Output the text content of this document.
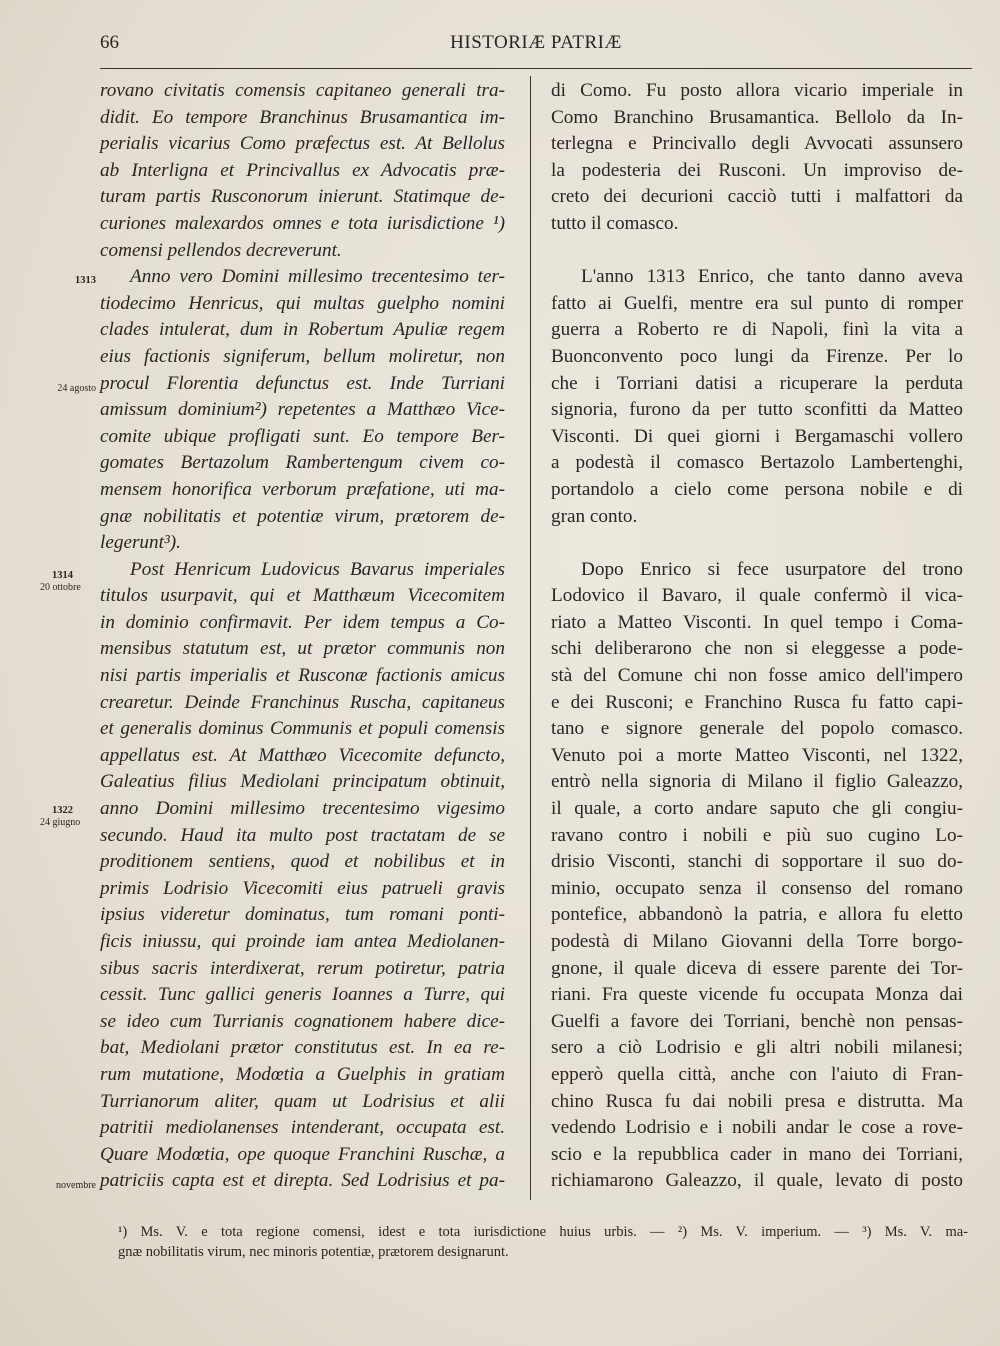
66	HISTORIÆ PATRIÆ
1313
24 agosto
1314
20 ottobre
1322
24 giugno
novembre
rovano civitatis comensis capitaneo generali tra-
didit. Eo tempore Branchinus Brusamantica im-
perialis vicarius Como præfectus est. At Bellolus
ab Interligna et Princivallus ex Advocatis præ-
turam partis Rusconorum inierunt. Statimque de-
curiones malexardos omnes e tota iurisdictione ¹)
comensi pellendos decreverunt.
Anno vero Domini millesimo trecentesimo ter-
tiodecimo Henricus, qui multas guelpho nomini
clades intulerat, dum in Robertum Apuliæ regem
eius factionis signiferum, bellum moliretur, non
procul Florentia defunctus est. Inde Turriani
amissum dominium²) repetentes a Matthæo Vice-
comite ubique profligati sunt. Eo tempore Ber-
gomates Bertazolum Rambertengum civem co-
mensem honorifica verborum præfatione, uti ma-
gnæ nobilitatis et potentiæ virum, prætorem de-
legerunt³).
Post Henricum Ludovicus Bavarus imperiales
titulos usurpavit, qui et Matthæum Vicecomitem
in dominio confirmavit. Per idem tempus a Co-
mensibus statutum est, ut prætor communis non
nisi partis imperialis et Rusconæ factionis amicus
crearetur. Deinde Franchinus Ruscha, capitaneus
et generalis dominus Communis et populi comensis
appellatus est. At Matthæo Vicecomite defuncto,
Galeatius filius Mediolani principatum obtinuit,
anno Domini millesimo trecentesimo vigesimo
secundo. Haud ita multo post tractatam de se
proditionem sentiens, quod et nobilibus et in
primis Lodrisio Vicecomiti eius patrueli gravis
ipsius videretur dominatus, tum romani ponti-
ficis iniussu, qui proinde iam antea Mediolanen-
sibus sacris interdixerat, rerum potiretur, patria
cessit. Tunc gallici generis Ioannes a Turre, qui
se ideo cum Turrianis cognationem habere dice-
bat, Mediolani prætor constitutus est. In ea re-
rum mutatione, Modœtia a Guelphis in gratiam
Turrianorum aliter, quam ut Lodrisius et alii
patritii mediolanenses intenderant, occupata est.
Quare Modœtia, ope quoque Franchini Ruschæ, a
patriciis capta est et direpta. Sed Lodrisius et pa-
di Como. Fu posto allora vicario imperiale in
Como Branchino Brusamantica. Bellolo da In-
terlegna e Princivallo degli Avvocati assunsero
la podesteria dei Rusconi. Un improviso de-
creto dei decurioni cacciò tutti i malfattori da
tutto il comasco.
L'anno 1313 Enrico, che tanto danno aveva
fatto ai Guelfi, mentre era sul punto di romper
guerra a Roberto re di Napoli, finì la vita a
Buonconvento poco lungi da Firenze. Per lo
che i Torriani datisi a ricuperare la perduta
signoria, furono da per tutto sconfitti da Matteo
Visconti. Di quei giorni i Bergamaschi vollero
a podestà il comasco Bertazolo Lambertenghi,
portandolo a cielo come persona nobile e di
gran conto.
Dopo Enrico si fece usurpatore del trono
Lodovico il Bavaro, il quale confermò il vica-
riato a Matteo Visconti. In quel tempo i Coma-
schi deliberarono che non si eleggesse a pode-
stà del Comune chi non fosse amico dell'impero
e dei Rusconi; e Franchino Rusca fu fatto capi-
tano e signore generale del popolo comasco.
Venuto poi a morte Matteo Visconti, nel 1322,
entrò nella signoria di Milano il figlio Galeazzo,
il quale, a corto andare saputo che gli congiu-
ravano contro i nobili e più suo cugino Lo-
drisio Visconti, stanchi di sopportare il suo do-
minio, occupato senza il consenso del romano
pontefice, abbandonò la patria, e allora fu eletto
podestà di Milano Giovanni della Torre borgo-
gnone, il quale diceva di essere parente dei Tor-
riani. Fra queste vicende fu occupata Monza dai
Guelfi a favore dei Torriani, benchè non pensas-
sero a ciò Lodrisio e gli altri nobili milanesi;
epperò quella città, anche con l'aiuto di Fran-
chino Rusca fu dai nobili presa e distrutta. Ma
vedendo Lodrisio e i nobili andar le cose a rove-
scio e la repubblica cader in mano dei Torriani,
richiamarono Galeazzo, il quale, levato di posto
¹) Ms. V. e tota regione comensi, idest e tota iurisdictione huius urbis. — ²) Ms. V. imperium. — ³) Ms. V. ma-
gnæ nobilitatis virum, nec minoris potentiæ, prætorem designarunt.
